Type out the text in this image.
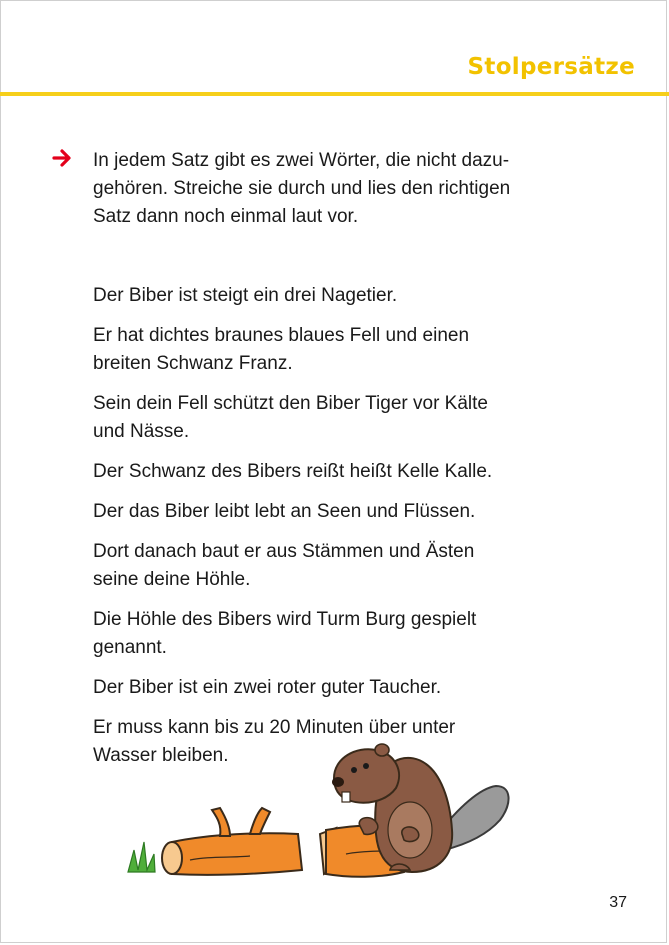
Stolpersätze
In jedem Satz gibt es zwei Wörter, die nicht dazu-
gehören. Streiche sie durch und lies den richtigen
Satz dann noch einmal laut vor.

Der Biber ist steigt ein drei Nagetier.

Er hat dichtes braunes blaues Fell und einen
breiten Schwanz Franz.

Sein dein Fell schützt den Biber Tiger vor Kälte
und Nässe.

Der Schwanz des Bibers reißt heißt Kelle Kalle.

Der das Biber leibt lebt an Seen und Flüssen.

Dort danach baut er aus Stämmen und Ästen
seine deine Höhle.

Die Höhle des Bibers wird Turm Burg gespielt
genannt.

Der Biber ist ein zwei roter guter Taucher.

Er muss kann bis zu 20 Minuten über unter
Wasser bleiben.

37
